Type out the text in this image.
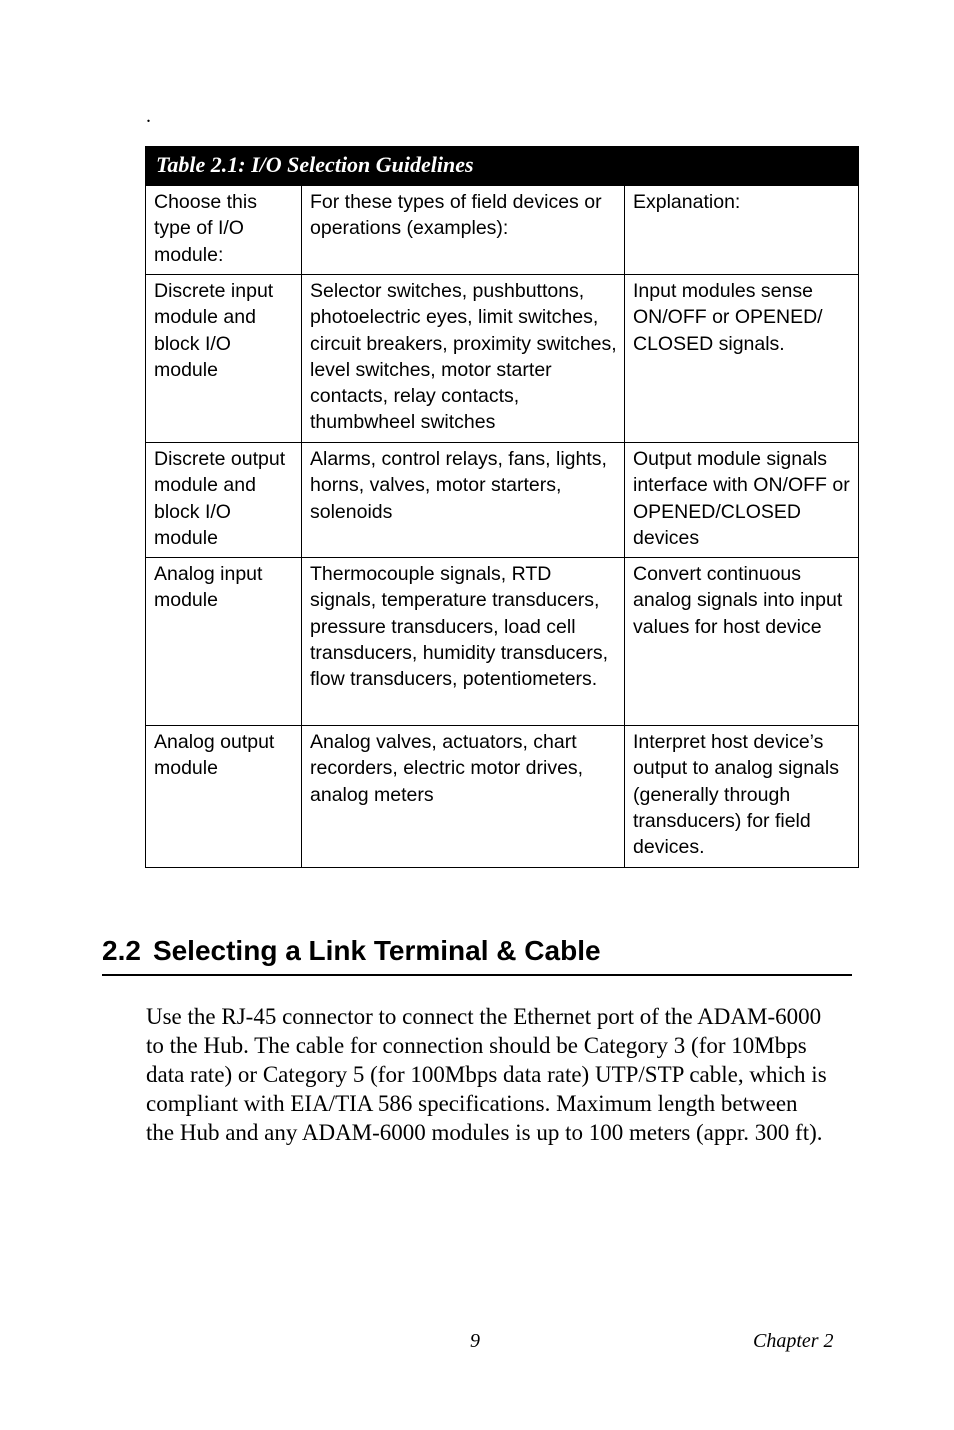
.
Table 2.1: I/O Selection Guidelines
Choose this type of I/O module:	For these types of field devices or operations (examples):	Explanation:
Discrete input module and block I/O module	Selector switches, pushbuttons, photoelectric eyes, limit switches, circuit breakers, proximity switches, level switches, motor starter contacts, relay contacts, thumbwheel switches	Input modules sense ON/OFF or OPENED/ CLOSED signals.
Discrete output module and block I/O module	Alarms, control relays, fans, lights, horns, valves, motor starters, solenoids	Output module signals interface with ON/OFF or OPENED/CLOSED devices
Analog input module	Thermocouple signals, RTD signals, temperature transducers, pressure transducers, load cell transducers, humidity transducers, flow transducers, potentiometers.	Convert continuous analog signals into input values for host device
Analog output module	Analog valves, actuators, chart recorders, electric motor drives, analog meters	Interpret host device’s output to analog signals (generally through transducers) for field devices.
2.2 Selecting a Link Terminal & Cable

Use the RJ-45 connector to connect the Ethernet port of the ADAM-6000
to the Hub. The cable for connection should be Category 3 (for 10Mbps
data rate) or Category 5 (for 100Mbps data rate) UTP/STP cable, which is
compliant with EIA/TIA 586 specifications. Maximum length between
the Hub and any ADAM-6000 modules is up to 100 meters (appr. 300 ft).

9	Chapter 2
